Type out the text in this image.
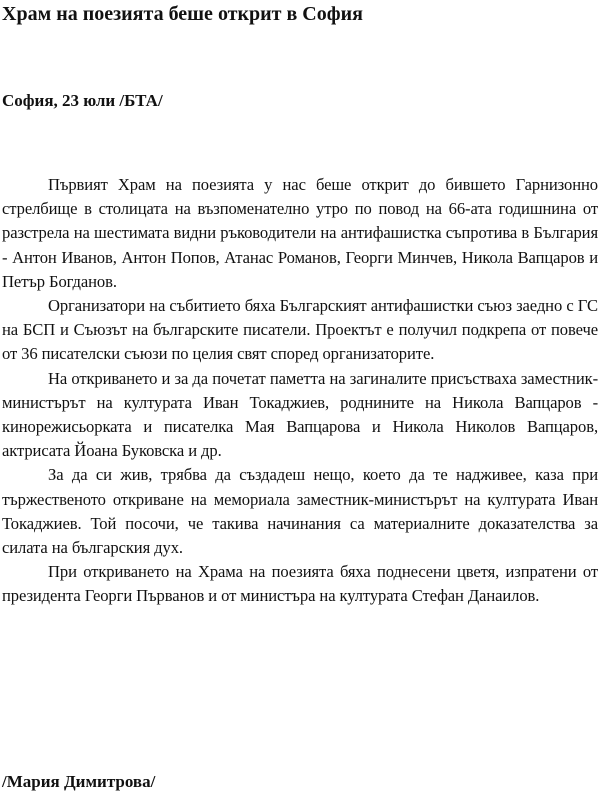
Храм на поезията беше открит в София

София, 23 юли /БТА/

Първият Храм на поезията у нас беше открит до бившето Гарнизонно стрелбище в столицата на възпоменателно утро по повод на 66-ата годишнина от разстрела на шестимата видни ръководители на антифашистка съпротива в България - Антон Иванов, Антон Попов, Атанас Романов, Георги Минчев, Никола Вапцаров и Петър Богданов.

Организатори на събитието бяха Българският антифашистки съюз заедно с ГС на БСП и Съюзът на българските писатели. Проектът е получил подкрепа от повече от 36 писателски съюзи по целия свят според организаторите.

На откриването и за да почетат паметта на загиналите присъстваха заместник-министърът на културата Иван Токаджиев, роднините на Никола Вапцаров - кинорежисьорката и писателка Мая Вапцарова и Никола Николов Вапцаров, актрисата Йоана Буковска и др.

За да си жив, трябва да създадеш нещо, което да те надживее, каза при тържественото откриване на мемориала заместник-министърът на културата Иван Токаджиев. Той посочи, че такива начинания са материалните доказателства за силата на българския дух.

При откриването на Храма на поезията бяха поднесени цветя, изпратени от президента Георги Първанов и от министъра на културата Стефан Данаилов.

/Мария Димитрова/
